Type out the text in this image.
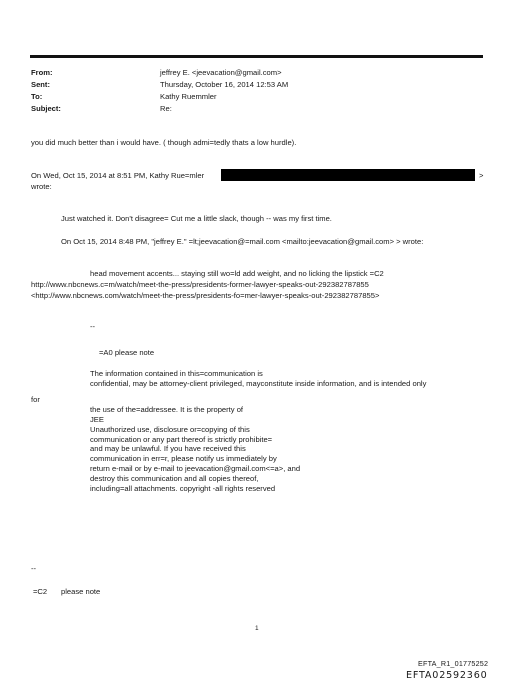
From:	jeffrey E. <jeevacation@gmail.com>
Sent:	Thursday, October 16, 2014 12:53 AM
To:	Kathy Ruemmler
Subject:	Re:
you did much better than i would have. ( though admi=tedly thats a low hurdle).
On Wed, Oct 15, 2014 at 8:51 PM, Kathy Rue=mler	>
wrote:
Just watched it. Don't disagree= Cut me a little slack, though -- was my first time.
On Oct 15, 2014 8:48 PM, "jeffrey E." =lt;jeevacation@=mail.com <mailto:jeevacation@gmail.com> > wrote:
head movement accents... staying still wo=ld add weight, and no licking the lipstick =C2
http://www.nbcnews.c=m/watch/meet-the-press/presidents-former-lawyer-speaks-out-292382787855
<http://www.nbcnews.com/watch/meet-the-press/presidents-fo=mer-lawyer-speaks-out-292382787855>
--
=A0 please note
The information contained in this=communication is
confidential, may be attorney-client privileged, mayconstitute inside information, and is intended only
for
the use of the=addressee. It is the property of
JEE
Unauthorized use, disclosure or=copying of this
communication or any part thereof is strictly prohibite=
and may be unlawful. If you have received this
communication in err=r, please notify us immediately by
return e-mail or by e-mail to jeevacation@gmail.com<=a>, and
destroy this communication and all copies thereof,
including=all attachments. copyright -all rights reserved
--
=C2 please note
1
EFTA_R1_01775252
EFTA02592360
